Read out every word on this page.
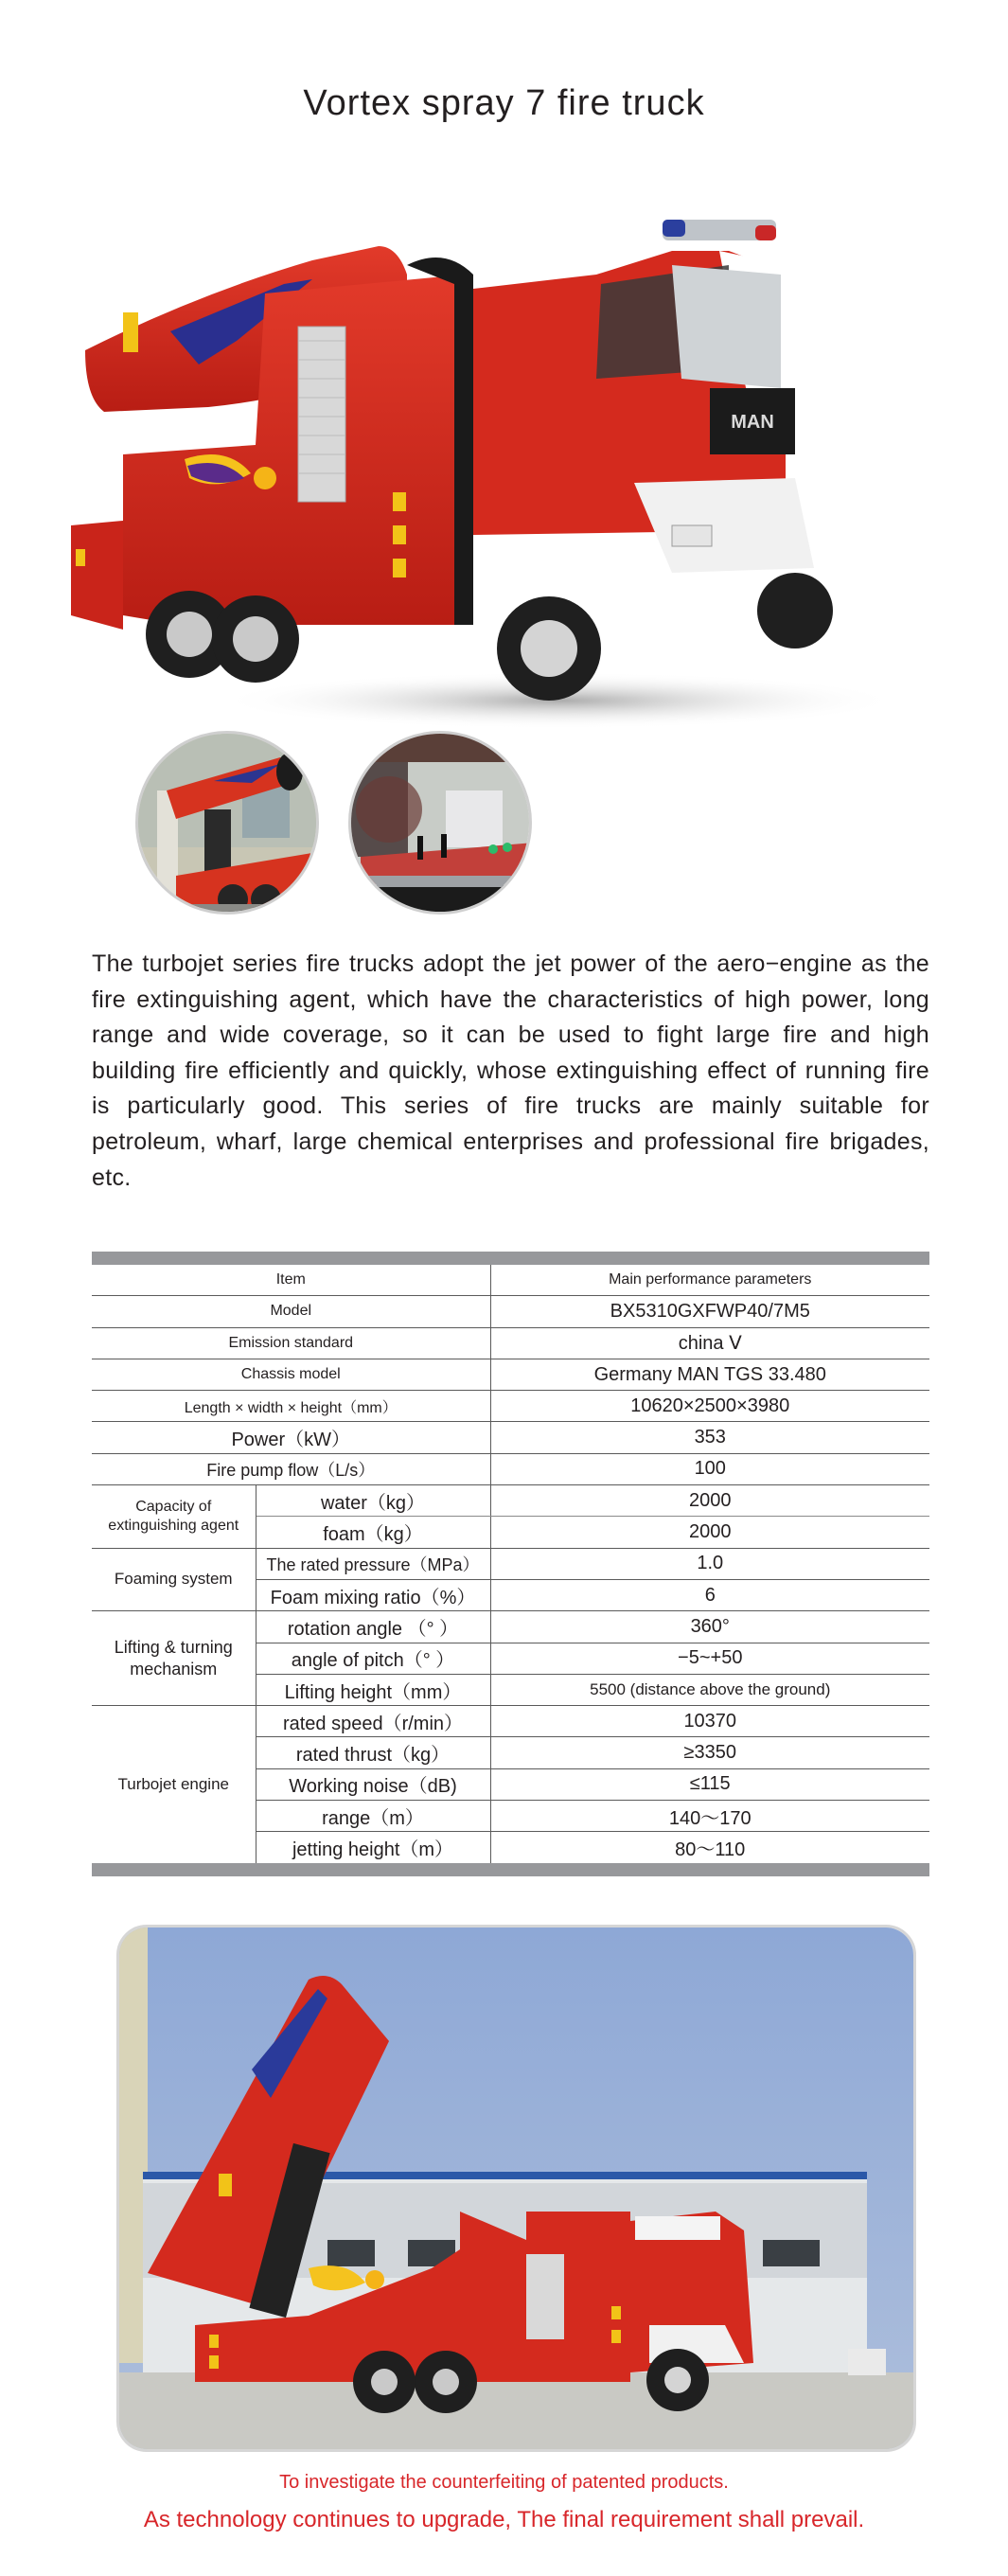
Vortex spray 7 fire truck
MAN
The turbojet series fire trucks adopt the jet power of the aero−engine as the fire extinguishing agent, which have the characteristics of high power, long range and wide coverage, so it can be used to fight large fire and high building fire efficiently and quickly, whose extinguishing effect of running fire is particularly good. This series of fire trucks are mainly suitable for petroleum, wharf, large chemical enterprises and professional fire brigades, etc.
Item		Main performance parameters
Model		BX5310GXFWP40/7M5
Emission standard		china Ⅴ
Chassis model		Germany MAN TGS 33.480
Length × width × height（mm）		10620×2500×3980
Power（kW）		353
Fire pump flow（L/s）		100
Capacity of extinguishing agent	water（kg）	2000
	foam（kg）	2000
Foaming system	The rated pressure（MPa）	1.0
	Foam mixing ratio（%）	6
Lifting & turning mechanism	rotation angle （° ）	360°
	angle of pitch（° ）	−5~+50
	Lifting height（mm）	5500 (distance above the ground)
Turbojet engine	rated speed（r/min）	10370
	rated thrust（kg）	≥3350
	Working noise（dB)	≤115
	range（m）	140～170
	jetting height（m）	80～110
To investigate the counterfeiting of patented products.
As technology continues to upgrade, The final requirement shall prevail.
